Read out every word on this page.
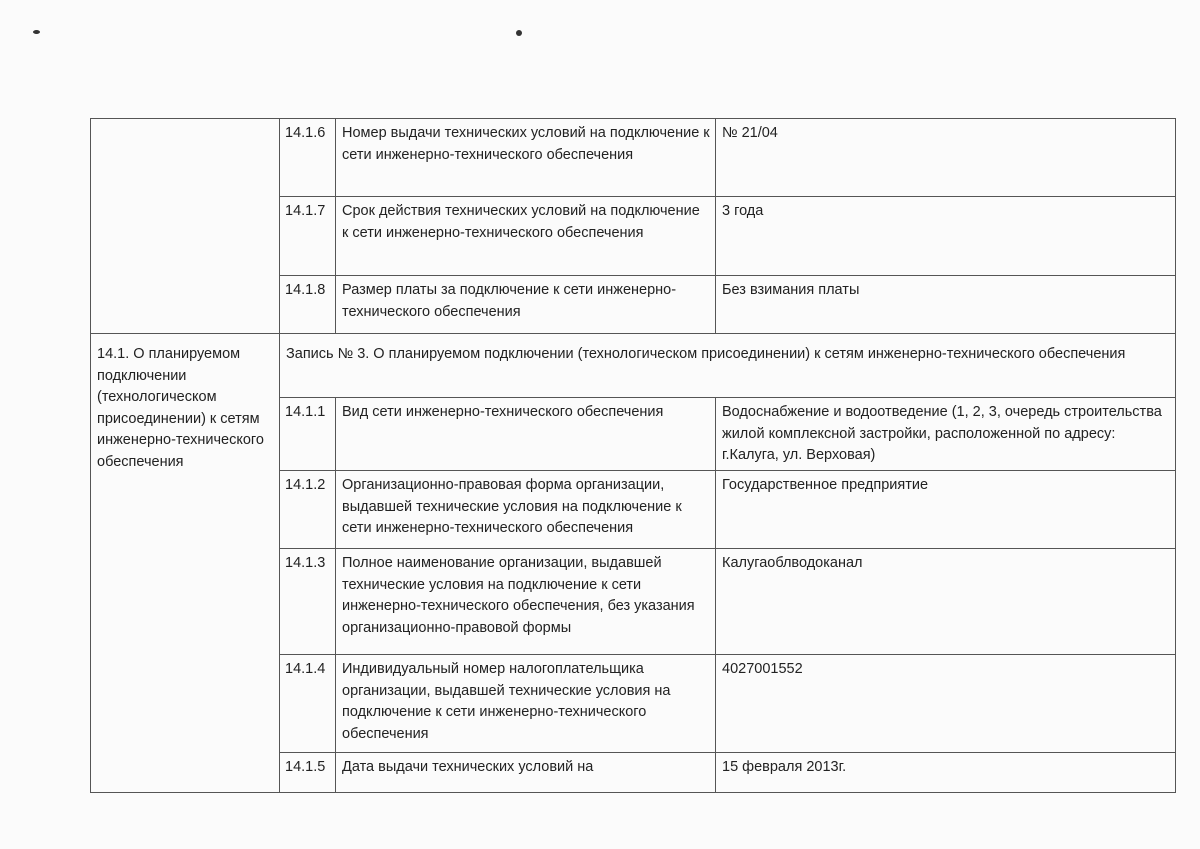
	14.1.6	Номер выдачи технических условий на подключение к сети инженерно-технического обеспечения	№ 21/04
	14.1.7	Срок действия технических условий на подключение к сети инженерно-технического обеспечения	3 года
	14.1.8	Размер платы за подключение к сети инженерно-технического обеспечения	Без взимания платы
14.1. О планируемом подключении (технологическом присоединении) к сетям инженерно-технического обеспечения	Запись № 3. О планируемом подключении (технологическом присоединении) к сетям инженерно-технического обеспечения		
	14.1.1	Вид сети инженерно-технического обеспечения	Водоснабжение и водоотведение (1, 2, 3, очередь строительства жилой комплексной застройки, расположенной по адресу: г.Калуга, ул. Верховая)
	14.1.2	Организационно-правовая форма организации, выдавшей технические условия на подключение к сети инженерно-технического обеспечения	Государственное предприятие
	14.1.3	Полное наименование организации, выдавшей технические условия на подключение к сети инженерно-технического обеспечения, без указания организационно-правовой формы	Калугаоблводоканал
	14.1.4	Индивидуальный номер налогоплательщика организации, выдавшей технические условия на подключение к сети инженерно-технического обеспечения	4027001552
	14.1.5	Дата выдачи технических условий на	15 февраля 2013г.
